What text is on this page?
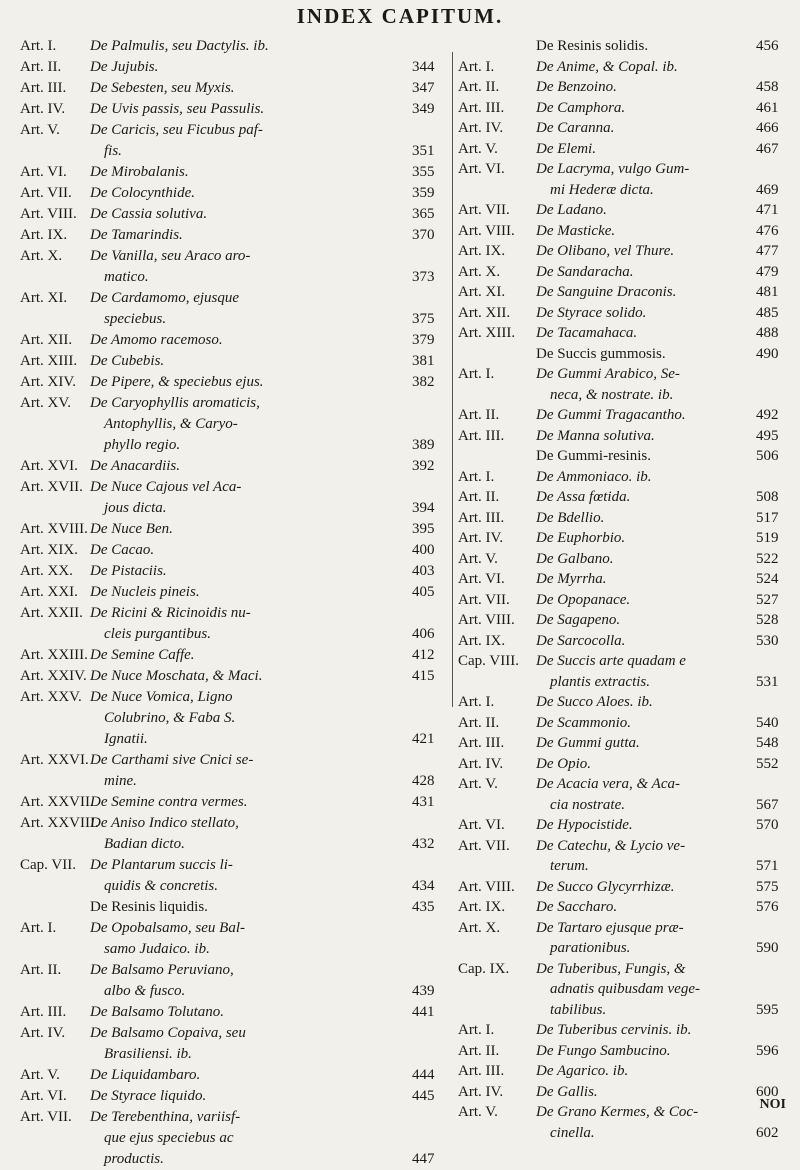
INDEX CAPITUM.
Art. I. De Palmulis, seu Dactylis. ib.
Art. II. De Jujubis.	344
Art. III. De Sebesten, seu Myxis.	347
Art. IV. De Uvis passis, seu Passulis.	349
Art. V. De Caricis, seu Ficubus paf-
fis.	351
Art. VI. De Mirobalanis.	355
Art. VII. De Colocynthide.	359
Art. VIII. De Cassia solutiva.	365
Art. IX. De Tamarindis.	370
Art. X. De Vanilla, seu Araco aro-
matico.	373
Art. XI. De Cardamomo, ejusque
speciebus.	375
Art. XII. De Amomo racemoso.	379
Art. XIII. De Cubebis.	381
Art. XIV. De Pipere, & speciebus ejus.	382
Art. XV. De Caryophyllis aromaticis,
Antophyllis, & Caryo-
phyllo regio.	389
Art. XVI. De Anacardiis.	392
Art. XVII. De Nuce Cajous vel Aca-
jous dicta.	394
Art. XVIII. De Nuce Ben.	395
Art. XIX. De Cacao.	400
Art. XX. De Pistaciis.	403
Art. XXI. De Nucleis pineis.	405
Art. XXII. De Ricini & Ricinoidis nu-
cleis purgantibus.	406
Art. XXIII. De Semine Caffe.	412
Art. XXIV. De Nuce Moschata, & Maci.	415
Art. XXV. De Nuce Vomica, Ligno
Colubrino, & Faba S.
Ignatii.	421
Art. XXVI. De Carthami sive Cnici se-
mine.	428
Art. XXVII.
De Semine contra vermes.	431
Art. XXVIII.
De Aniso Indico stellato,
Badian dicto.	432
Cap. VII. De Plantarum succis li-
quidis & concretis.	434
De Resinis liquidis.	435
Art. I. De Opobalsamo, seu Bal-
samo Judaico. ib.
Art. II. De Balsamo Peruviano,
albo & fusco.	439
Art. III. De Balsamo Tolutano.	441
Art. IV. De Balsamo Copaiva, seu
Brasiliensi. ib.
Art. V. De Liquidambaro.	444
Art. VI. De Styrace liquido.	445
Art. VII. De Terebenthina, variisf-
que ejus speciebus ac
productis.	447
De Resinis solidis.	456
Art. I.	De Anime, & Copal. ib.
Art. II. De Benzoino.	458
Art. III. De Camphora.	461
Art. IV. De Caranna.	466
Art. V.	De Elemi.	467
Art. VI. De Lacryma, vulgo Gum-
mi Hederæ dicta.	469
Art. VII. De Ladano.	471
Art. VIII. De Masticke.	476
Art. IX. De Olibano, vel Thure.	477
Art. X. De Sandaracha.	479
Art. XI. De Sanguine Draconis.	481
Art. XII. De Styrace solido.	485
Art. XIII. De Tacamahaca.	488
De Succis gummosis.	490
Art. I.	De Gummi Arabico, Se-
neca, & nostrate. ib.
Art. II. De Gummi Tragacantho.	492
Art. III. De Manna solutiva.	495
De Gummi-resinis.	506
Art. I.	De Ammoniaco. ib.
Art. II. De Assa fœtida.	508
Art. III. De Bdellio.	517
Art. IV. De Euphorbio.	519
Art. V.	De Galbano.	522
Art. VI. De Myrrha.	524
Art. VII. De Opopanace.	527
Art. VIII. De Sagapeno.	528
Art. IX. De Sarcocolla.	530
Cap. VIII. De Succis arte quadam e
plantis extractis.	531
Art. I.	De Succo Aloes. ib.
Art. II. De Scammonio.	540
Art. III. De Gummi gutta.	548
Art. IV. De Opio.	552
Art. V.	De Acacia vera, & Aca-
cia nostrate.	567
Art. VI. De Hypocistide.	570
Art. VII. De Catechu, & Lycio ve-
terum.	571
Art. VIII. De Succo Glycyrrhizæ.	575
Art. IX. De Saccharo.	576
Art. X. De Tartaro ejusque præ-
parationibus.	590
Cap. IX. De Tuberibus, Fungis, &
adnatis quibusdam vege-
tabilibus.	595
Art. I.	De Tuberibus cervinis. ib.
Art. II. De Fungo Sambucino.	596
Art. III. De Agarico. ib.
Art. IV. De Gallis.	600
Art. V.	De Grano Kermes, & Coc-
cinella.	602
NOI
